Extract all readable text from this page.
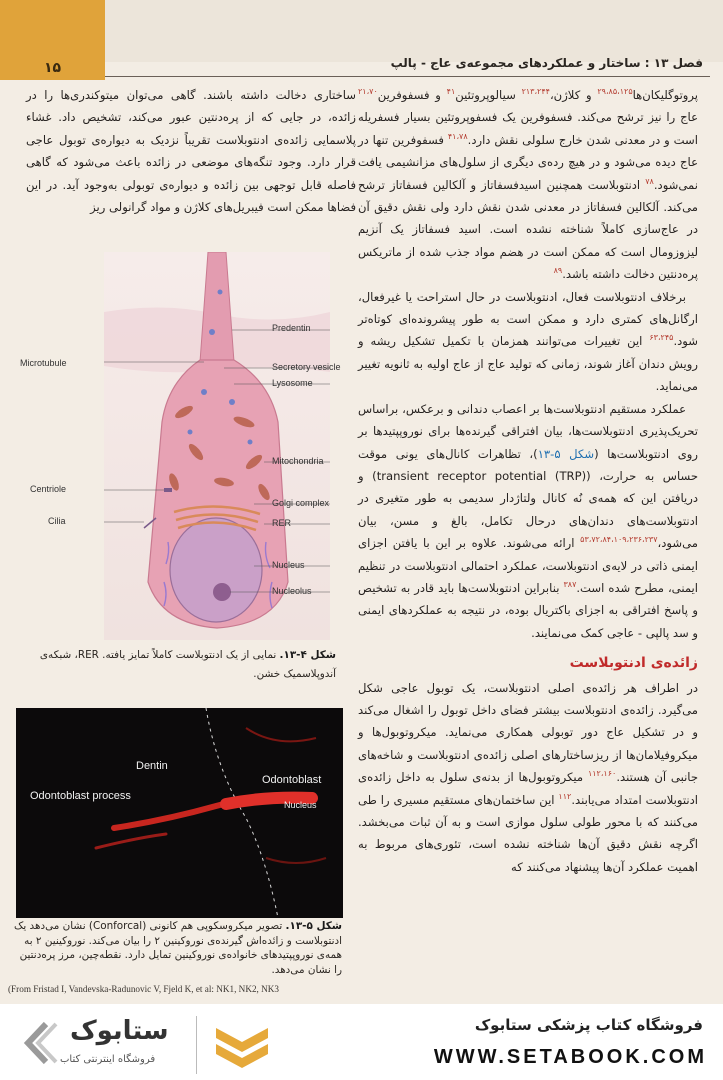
۱۵	فصل ۱۳ : ساختار و عملکردهای مجموعه‌ی عاج - پالپ

پروتوگلیکان‌ها$^{۲۹،۸۵،۱۲۵}$ و کلاژن،$^{۲۱۳،۲۴۴}$ سیالوپروتئین$^{۴۱}$ و فسفوفرین$^{۲۱،۷۰}$ عاج را نیز ترشح می‌کند. فسفوفرین یک فسفوپروتئین بسیار فسفریله است و در معدنی شدن خارج سلولی نقش دارد.$^{۴۱،۷۸}$ فسفوفرین تنها در عاج دیده می‌شود و در هیچ رده‌ی دیگری از سلول‌های مزانشیمی یافت نمی‌شود.$^{۷۸}$ ادنتوبلاست همچنین اسیدفسفاتاز و آلکالین فسفاتاز ترشح می‌کند. آلکالین فسفاتاز در معدنی شدن نقش دارد ولی نقش دقیق آن در عاج‌سازی کاملاً شناخته نشده است. اسید فسفاتاز یک آنزیم لیزوزومال است که ممکن است در هضم مواد جذب شده از ماتریکس پره‌دنتین دخالت داشته باشد.$^{۸۹}$

برخلاف ادنتوبلاست فعال، ادنتوبلاست در حال استراحت یا غیرفعال، ارگانل‌های کمتری دارد و ممکن است به طور پیشرونده‌ای کوتاه‌تر شود.$^{۶۳،۲۴۵}$ این تغییرات می‌توانند همزمان با تکمیل تشکیل ریشه و رویش دندان آغاز شوند، زمانی که تولید عاج از عاج اولیه به ثانویه تغییر می‌نماید.

عملکرد مستقیم ادنتوبلاست‌ها بر اعصاب دندانی و برعکس، براساس تحریک‌پذیری ادنتوبلاست‌ها، بیان افتراقی گیرنده‌ها برای نوروپپتیدها بر روی ادنتوبلاست‌ها (شکل ۵-۱۳)، تظاهرات کانال‌های یونی موقت حساس به حرارت، (transient receptor potential (TRP)) و دریافتن این که همه‌ی نُه کانال ولتاژدار سدیمی به طور متغیری در ادنتوبلاست‌های دندان‌های درحال تکامل، بالغ و مسن، بیان می‌شود،$^{۵۳،۷۲،۸۴،۱۰۹،۲۳۶،۲۳۷}$ ارائه می‌شوند. علاوه بر این با یافتن اجزای ایمنی ذاتی در لایه‌ی ادنتوبلاست، عملکرد احتمالی ادنتوبلاست در تنظیم ایمنی، مطرح شده است.$^{۳۸۷}$ بنابراین ادنتوبلاست‌ها باید قادر به تشخیص و پاسخ افتراقی به اجزای باکتریال بوده، در نتیجه به عملکردهای ایمنی و سد پالپی - عاجی کمک می‌نمایند.

زائده‌ی ادنتوبلاست

در اطراف هر زائده‌ی اصلی ادنتوبلاست، یک توبول عاجی شکل می‌گیرد. زائده‌ی ادنتوبلاست بیشتر فضای داخل توبول را اشغال می‌کند و در تشکیل عاج دور توبولی همکاری می‌نماید. میکروتوبول‌ها و میکروفیلامان‌ها از ریزساختارهای اصلی زائده‌ی ادنتوبلاست و شاخه‌های جانبی آن هستند.$^{۱۱۲،۱۶۰}$ میکروتوبول‌ها از بدنه‌ی سلول به داخل زائده‌ی ادنتوبلاست امتداد می‌یابند.$^{۱۱۲}$ این ساختمان‌های مستقیم مسیری را طی می‌کنند که با محور طولی سلول موازی است و به آن ثبات می‌بخشد. اگرچه نقش دقیق آن‌ها شناخته نشده است، تئوری‌های مربوط به اهمیت عملکرد آن‌ها پیشنهاد می‌کنند که

ساختاری دخالت داشته باشند. گاهی می‌توان میتوکندری‌ها را در زائده، در جایی که از پره‌دنتین عبور می‌کند، تشخیص داد. غشاء پلاسمایی زائده‌ی ادنتوبلاست تقریباً نزدیک به دیواره‌ی توبول عاجی قرار دارد. وجود تنگه‌های موضعی در زائده باعث می‌شود که گاهی فاصله قابل توجهی بین زائده و دیواره‌ی توبولی به‌وجود آید. در این فضاها ممکن است فیبریل‌های کلاژن و مواد گرانولی ریز

Predentin
Microtubule	Secretory vesicle
Lysosome
Mitochondria
Centriole
Golgi complex
RER
Cilia
Nucleus
Nucleolus
شکل ۴-۱۳. نمایی از یک ادنتوبلاست کاملاً تمایز یافته. RER، شبکه‌ی آندوپلاسمیک خشن.
Dentin
Odontoblast
Odontoblast process
Nucleus
شکل ۵-۱۳. تصویر میکروسکوپی هم کانونی (Conforcal) نشان می‌دهد یک ادنتوبلاست و زائده‌اش گیرنده‌ی نوروکینین ۲ را بیان می‌کند. نوروکینین ۲ به همه‌ی نوروپپتیدهای خانواده‌ی نوروکینین تمایل دارد. نقطه‌چین، مرز پره‌دنتین را نشان می‌دهد.
(From Fristad I, Vandevska-Radunovic V, Fjeld K, et al: NK1, NK2, NK3
ستابوک
فروشگاه اینترنتی کتاب
فروشگاه کتاب پزشکی ستابوک
WWW.SETABOOK.COM
